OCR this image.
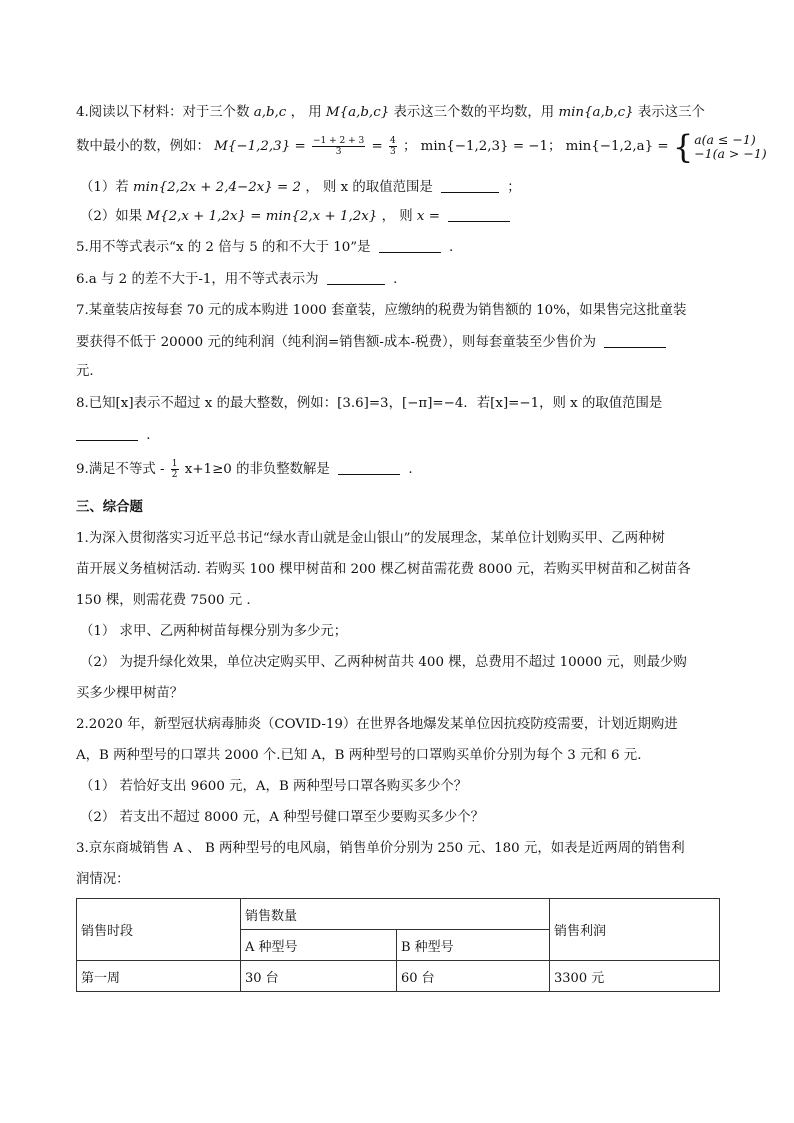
4.阅读以下材料：对于三个数 a,b,c ， 用 M{a,b,c} 表示这三个数的平均数，用 min{a,b,c} 表示这三个
数中最小的数，例如： $M\{-1,2,3\} = \frac{-1 + 2 + 3}{3} = \frac{4}{3}$ ； min{−1,2,3} = −1； min{−1,2,a} = { a(a ≤ −1)
−1(a > −1)
（1）若 min{2,2x + 2,4−2x} = 2 ， 则 x 的取值范围是	；
（2）如果 M{2,x + 1,2x} = min{2,x + 1,2x} ， 则 x =
5.用不等式表示“x 的 2 倍与 5 的和不大于 10”是	.
6.a 与 2 的差不大于-1，用不等式表示为	.
7.某童装店按每套 70 元的成本购进 1000 套童装，应缴纳的税费为销售额的 10%，如果售完这批童装
要获得不低于 20000 元的纯利润（纯利润=销售额-成本-税费），则每套童装至少售价为
元.
8.已知[x]表示不超过 x 的最大整数，例如：[3.6]=3，[−π]=−4．若[x]=−1，则 x 的取值范围是
.
9.满足不等式 - $\frac{1}{2} x+1\ge 0$ 的非负整数解是	.
三、综合题
1.为深入贯彻落实习近平总书记“绿水青山就是金山银山”的发展理念，某单位计划购买甲、乙两种树
苗开展义务植树活动. 若购买 100 棵甲树苗和 200 棵乙树苗需花费 8000 元，若购买甲树苗和乙树苗各
150 棵，则需花费 7500 元 .
（1） 求甲、乙两种树苗每棵分别为多少元；
（2） 为提升绿化效果，单位决定购买甲、乙两种树苗共 400 棵，总费用不超过 10000 元，则最少购
买多少棵甲树苗？
2.2020 年，新型冠状病毒肺炎（COVID-19）在世界各地爆发某单位因抗疫防疫需要，计划近期购进
A，B 两种型号的口罩共 2000 个.已知 A，B 两种型号的口罩购买单价分别为每个 3 元和 6 元.
（1） 若恰好支出 9600 元，A，B 两种型号口罩各购买多少个？
（2） 若支出不超过 8000 元，A 种型号健口罩至少要购买多少个？
3.京东商城销售 A 、 B 两种型号的电风扇，销售单价分别为 250 元、180 元，如表是近两周的销售利
润情况：
销售时段	销售数量		销售利润
	A 种型号	B 种型号	
第一周	30 台	60 台	3300 元
